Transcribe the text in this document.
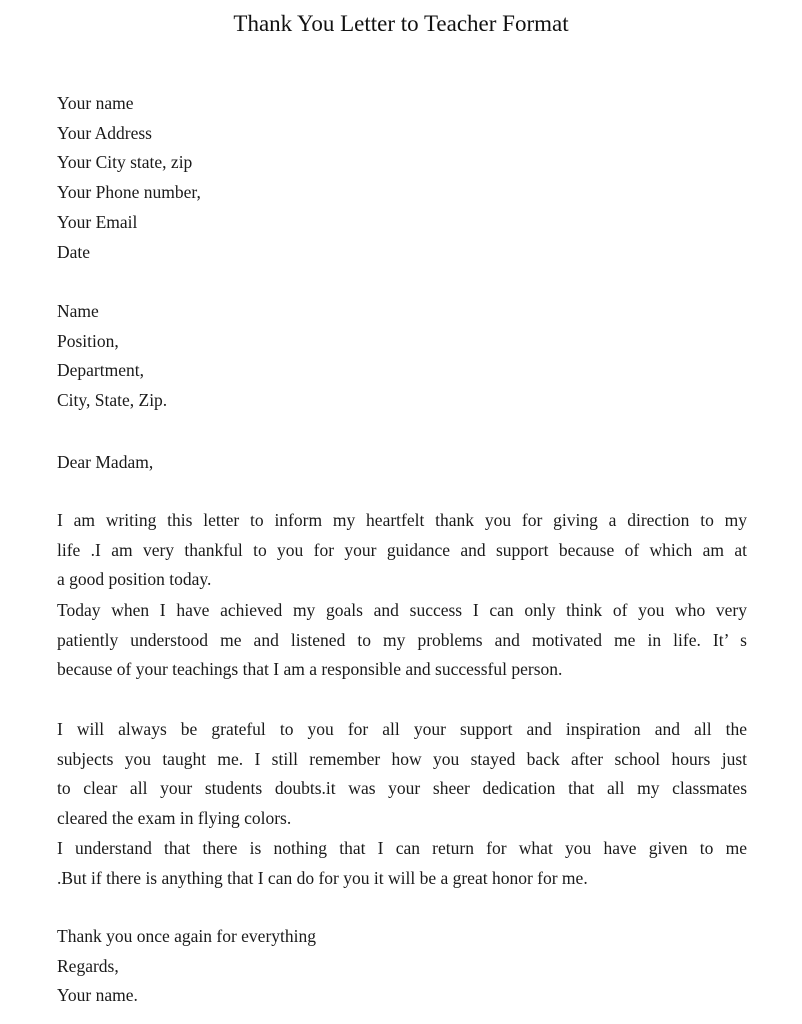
Thank You Letter to Teacher Format
Your name
Your Address
Your City state, zip
Your Phone number,
Your Email
Date
Name
Position,
Department,
City, State, Zip.
Dear Madam,
I am writing this letter to inform my heartfelt thank you for giving a direction to my
life .I am very thankful to you for your guidance and support because of which am at
a good position today.
Today when I have achieved my goals and success I can only think of you who very
patiently understood me and listened to my problems and motivated me in life. It’ s
because of your teachings that I am a responsible and successful person.
I will always be grateful to you for all your support and inspiration and all the
subjects you taught me. I still remember how you stayed back after school hours just
to clear all your students doubts.it was your sheer dedication that all my classmates
cleared the exam in flying colors.
I understand that there is nothing that I can return for what you have given to me
.But if there is anything that I can do for you it will be a great honor for me.
Thank you once again for everything
Regards,
Your name.
